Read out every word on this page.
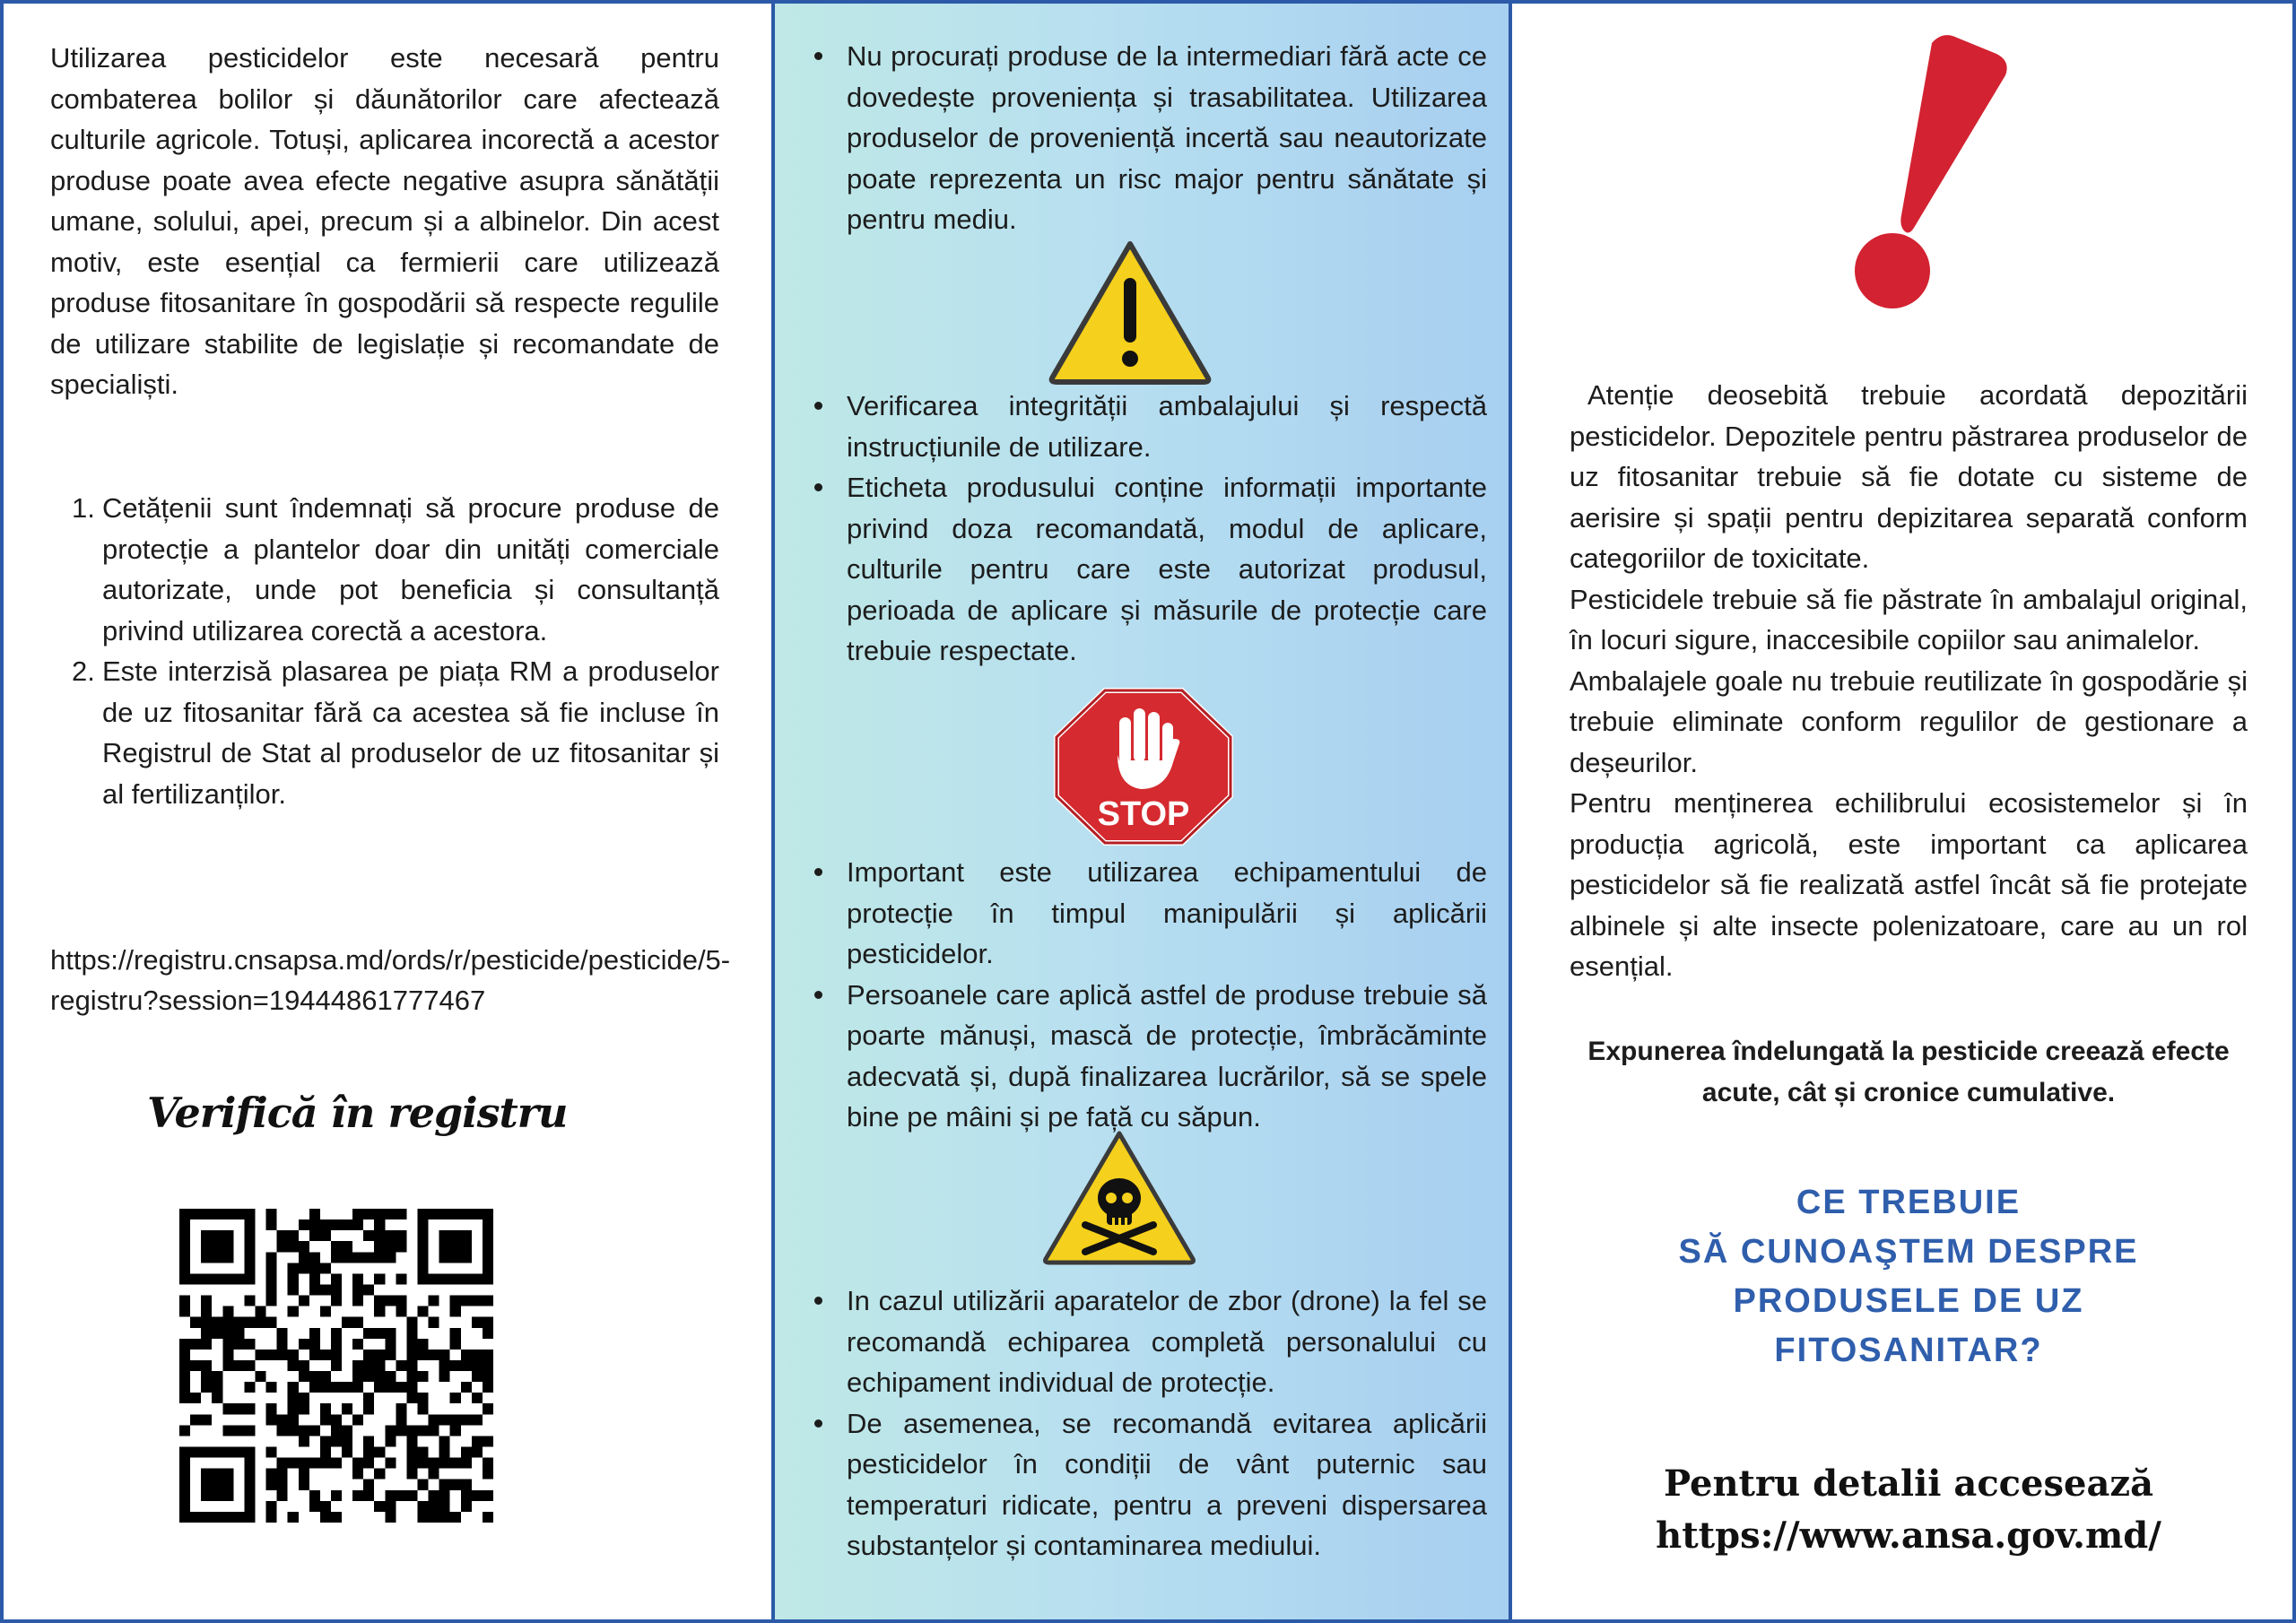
Utilizarea pesticidelor este necesară pentru combaterea bolilor și dăunătorilor care afectează culturile agricole. Totuși, aplicarea incorectă a acestor produse poate avea efecte negative asupra sănătății umane, solului, apei, precum și a albinelor. Din acest motiv, este esențial ca fermierii care utilizează produse fitosanitare în gospodării să respecte regulile de utilizare stabilite de legislație și recomandate de specialiști.
1. Cetățenii sunt îndemnați să procure produse de protecție a plantelor doar din unități comerciale autorizate, unde pot beneficia și consultanță privind utilizarea corectă a acestora.
2. Este interzisă plasarea pe piața RM a produselor de uz fitosanitar fără ca acestea să fie incluse în Registrul de Stat al produselor de uz fitosanitar și al fertilizanților.
https://registru.cnsapsa.md/ords/r/pesticide/pesticide/5-registru?session=19444861777467
Verifică în registru
Nu procurați produse de la intermediari fără acte ce dovedește proveniența și trasabilitatea. Utilizarea produselor de proveniență incertă sau neautorizate poate reprezenta un risc major pentru sănătate și pentru mediu.
Verificarea integrității ambalajului și respectă instrucțiunile de utilizare.
Eticheta produsului conține informații importante privind doza recomandată, modul de aplicare, culturile pentru care este autorizat produsul, perioada de aplicare și măsurile de protecție care trebuie respectate.
STOP
Important este utilizarea echipamentului de protecție în timpul manipulării și aplicării pesticidelor.
Persoanele care aplică astfel de produse trebuie să poarte mănuși, mască de protecție, îmbrăcăminte adecvată și, după finalizarea lucrărilor, să se spele bine pe mâini și pe față cu săpun.
In cazul utilizării aparatelor de zbor (drone) la fel se recomandă echiparea completă personalului cu echipament individual de protecție.
De asemenea, se recomandă evitarea aplicării pesticidelor în condiții de vânt puternic sau temperaturi ridicate, pentru a preveni dispersarea substanțelor și contaminarea mediului.

Atenție deosebită trebuie acordată depozitării pesticidelor. Depozitele pentru păstrarea produselor de uz fitosanitar trebuie să fie dotate cu sisteme de aerisire și spații pentru depizitarea separată conform categoriilor de toxicitate.

Pesticidele trebuie să fie păstrate în ambalajul original, în locuri sigure, inaccesibile copiilor sau animalelor.

Ambalajele goale nu trebuie reutilizate în gospodărie și trebuie eliminate conform regulilor de gestionare a deșeurilor.

Pentru menținerea echilibrului ecosistemelor și în producția agricolă, este important ca aplicarea pesticidelor să fie realizată astfel încât să fie protejate albinele și alte insecte polenizatoare, care au un rol esențial.

Expunerea îndelungată la pesticide creează efecte acute, cât și cronice cumulative.
CE TREBUIE
SĂ CUNOAŞTEM DESPRE
PRODUSELE DE UZ
FITOSANITAR?
Pentru detalii accesează
https://www.ansa.gov.md/
